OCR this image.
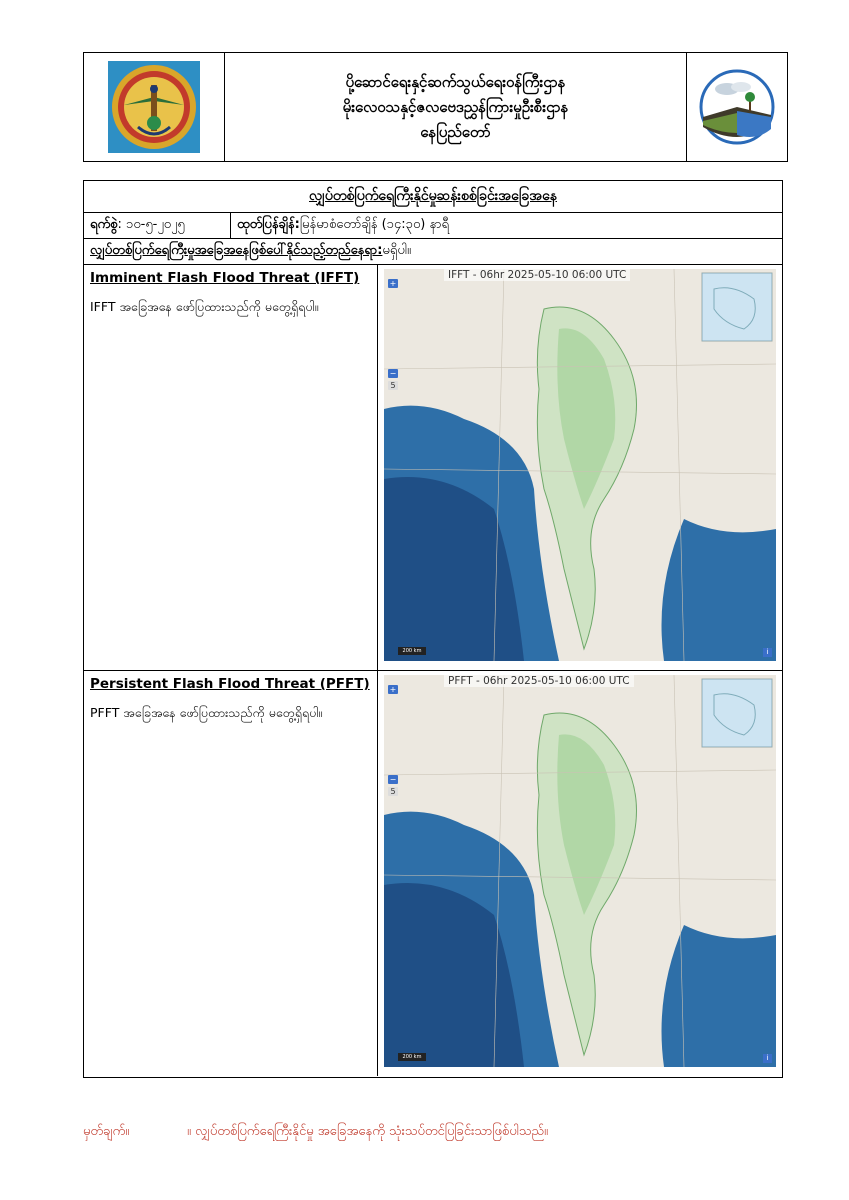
ပို့ဆောင်ရေးနှင့်ဆက်သွယ်ရေးဝန်ကြီးဌာန
မိုးလေဝသနှင့်ဇလဗေဒညွှန်ကြားမှုဦးစီးဌာန
နေပြည်တော်
လျှပ်တစ်ပြက်ရေကြီးနိုင်မှုဆန်းစစ်ခြင်းအခြေအနေ
ရက်စွဲ : ၁၀-၅-၂၀၂၅	ထုတ်ပြန်ချိန်: မြန်မာစံတော်ချိန် (၁၄:၃၀) နာရီ
လျှပ်တစ်ပြက်ရေကြီးမှုအခြေအနေဖြစ်ပေါ်နိုင်သည့်တည်နေရာ: မရှိပါ။
Imminent Flash Flood Threat (IFFT)
IFFT အခြေအနေ ဖော်ပြထားသည်ကို မတွေ့ရှိရပါ။
IFFT - 06hr 2025-05-10 06:00 UTC
+
−
5
200 km	i
Persistent Flash Flood Threat (PFFT)
PFFT အခြေအနေ ဖော်ပြထားသည်ကို မတွေ့ရှိရပါ။
PFFT - 06hr 2025-05-10 06:00 UTC
+
−
5
200 km	i
မှတ်ချက်။	။ လျှပ်တစ်ပြက်ရေကြီးနိုင်မှု အခြေအနေကို သုံးသပ်တင်ပြခြင်းသာဖြစ်ပါသည်။
